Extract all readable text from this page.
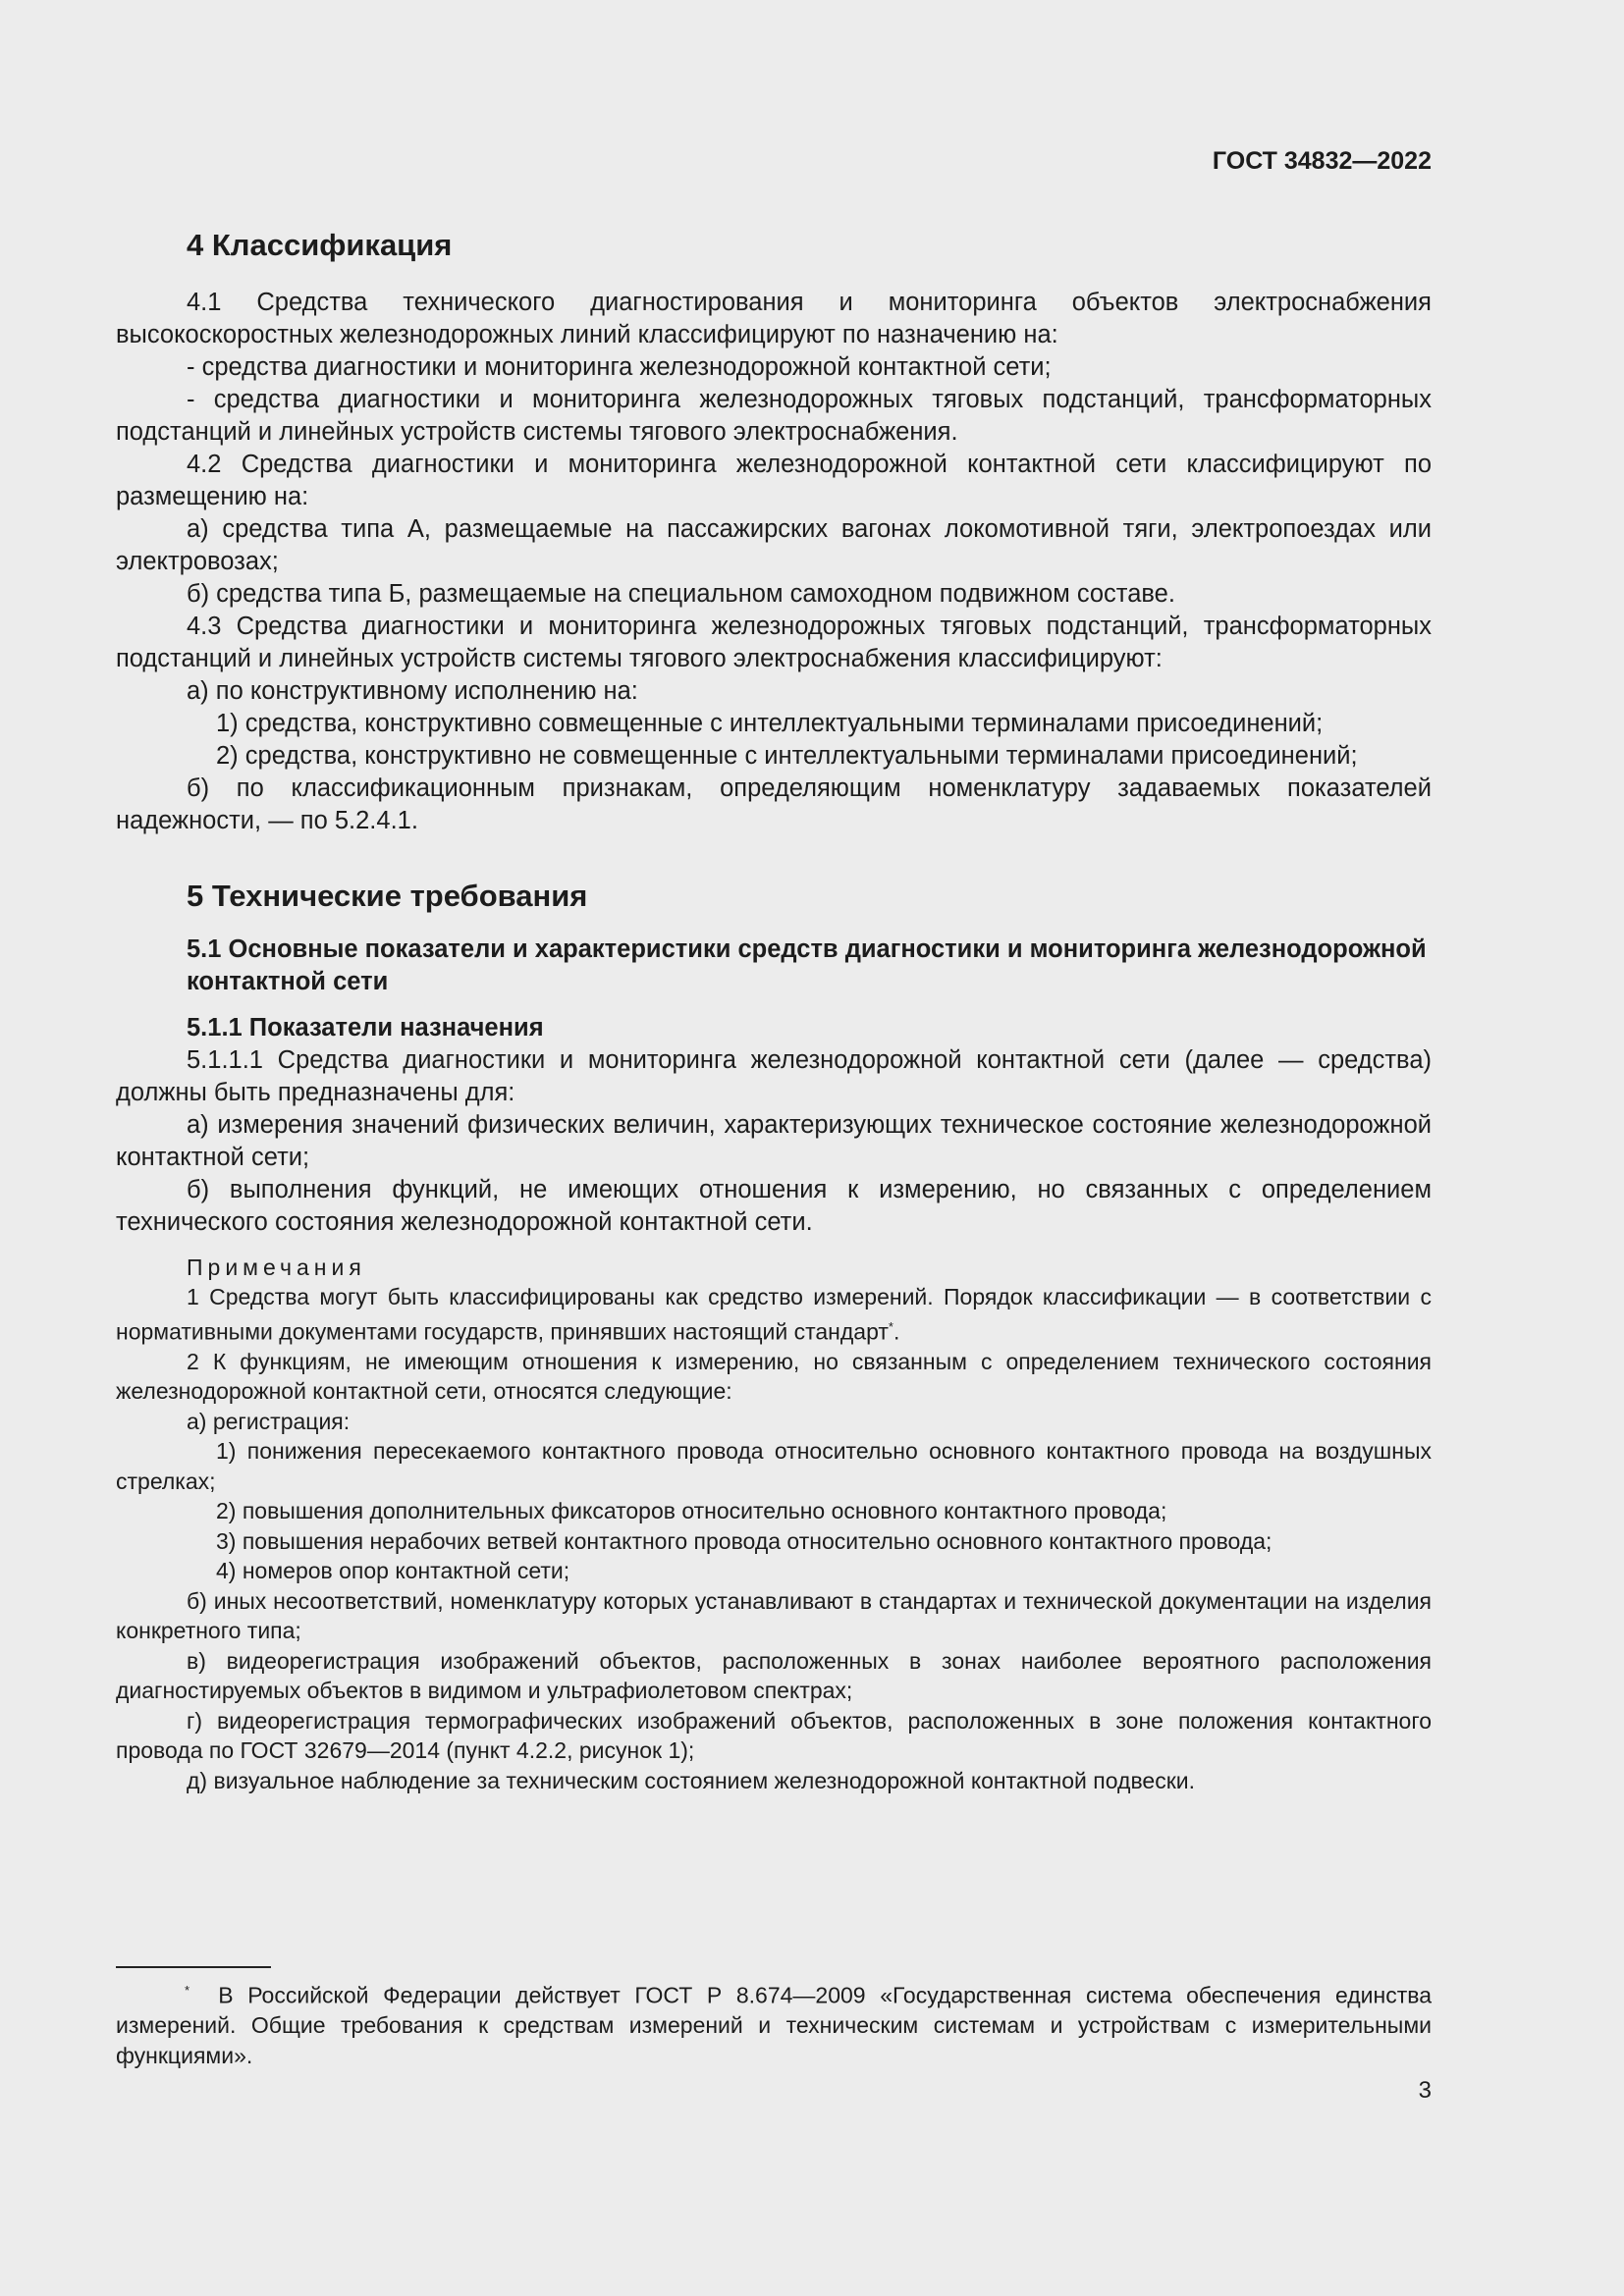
ГОСТ 34832—2022
4 Классификация

4.1 Средства технического диагностирования и мониторинга объектов электроснабжения высокоскоростных железнодорожных линий классифицируют по назначению на:

- средства диагностики и мониторинга железнодорожной контактной сети;

- средства диагностики и мониторинга железнодорожных тяговых подстанций, трансформаторных подстанций и линейных устройств системы тягового электроснабжения.

4.2 Средства диагностики и мониторинга железнодорожной контактной сети классифицируют по размещению на:

а) средства типа А, размещаемые на пассажирских вагонах локомотивной тяги, электропоездах или электровозах;

б) средства типа Б, размещаемые на специальном самоходном подвижном составе.

4.3 Средства диагностики и мониторинга железнодорожных тяговых подстанций, трансформаторных подстанций и линейных устройств системы тягового электроснабжения классифицируют:

а) по конструктивному исполнению на:

1) средства, конструктивно совмещенные с интеллектуальными терминалами присоединений;

2) средства, конструктивно не совмещенные с интеллектуальными терминалами присоединений;

б) по классификационным признакам, определяющим номенклатуру задаваемых показателей надежности, — по 5.2.4.1.

5 Технические требования
5.1 Основные показатели и характеристики средств диагностики и мониторинга железнодорожной контактной сети
5.1.1 Показатели назначения

5.1.1.1 Средства диагностики и мониторинга железнодорожной контактной сети (далее — средства) должны быть предназначены для:

а) измерения значений физических величин, характеризующих техническое состояние железнодорожной контактной сети;

б) выполнения функций, не имеющих отношения к измерению, но связанных с определением технического состояния железнодорожной контактной сети.

Примечания

1 Средства могут быть классифицированы как средство измерений. Порядок классификации — в соответствии с нормативными документами государств, принявших настоящий стандарт*.

2 К функциям, не имеющим отношения к измерению, но связанным с определением технического состояния железнодорожной контактной сети, относятся следующие:

а) регистрация:

1) понижения пересекаемого контактного провода относительно основного контактного провода на воздушных стрелках;

2) повышения дополнительных фиксаторов относительно основного контактного провода;

3) повышения нерабочих ветвей контактного провода относительно основного контактного провода;

4) номеров опор контактной сети;

б) иных несоответствий, номенклатуру которых устанавливают в стандартах и технической документации на изделия конкретного типа;

в) видеорегистрация изображений объектов, расположенных в зонах наиболее вероятного расположения диагностируемых объектов в видимом и ультрафиолетовом спектрах;

г) видеорегистрация термографических изображений объектов, расположенных в зоне положения контактного провода по ГОСТ 32679—2014 (пункт 4.2.2, рисунок 1);

д) визуальное наблюдение за техническим состоянием железнодорожной контактной подвески.

* В Российской Федерации действует ГОСТ Р 8.674—2009 «Государственная система обеспечения единства измерений. Общие требования к средствам измерений и техническим системам и устройствам с измерительными функциями».

3
